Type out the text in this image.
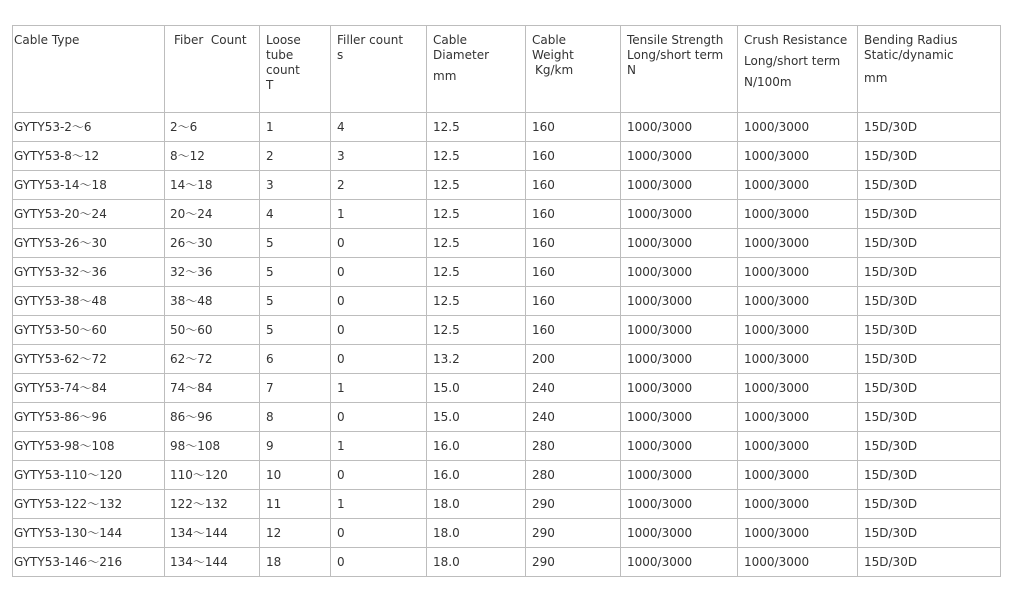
Cable Type	Fiber  Count	Loose
tube
count
T	Filler count
s	Cable
Diameter
mm	Cable
Weight
Kg/km	Tensile Strength
Long/short term
N	Crush Resistance
Long/short term
N/100m	Bending Radius
Static/dynamic
mm

GYTY53-2～6	2～6	1	4	12.5	160	1000/3000	1000/3000	15D/30D
GYTY53-8～12	8～12	2	3	12.5	160	1000/3000	1000/3000	15D/30D
GYTY53-14～18	14～18	3	2	12.5	160	1000/3000	1000/3000	15D/30D
GYTY53-20～24	20～24	4	1	12.5	160	1000/3000	1000/3000	15D/30D
GYTY53-26～30	26～30	5	0	12.5	160	1000/3000	1000/3000	15D/30D
GYTY53-32～36	32～36	5	0	12.5	160	1000/3000	1000/3000	15D/30D
GYTY53-38～48	38～48	5	0	12.5	160	1000/3000	1000/3000	15D/30D
GYTY53-50～60	50～60	5	0	12.5	160	1000/3000	1000/3000	15D/30D
GYTY53-62～72	62～72	6	0	13.2	200	1000/3000	1000/3000	15D/30D
GYTY53-74～84	74～84	7	1	15.0	240	1000/3000	1000/3000	15D/30D
GYTY53-86～96	86～96	8	0	15.0	240	1000/3000	1000/3000	15D/30D
GYTY53-98～108	98～108	9	1	16.0	280	1000/3000	1000/3000	15D/30D
GYTY53-110～120	110～120	10	0	16.0	280	1000/3000	1000/3000	15D/30D
GYTY53-122～132	122～132	11	1	18.0	290	1000/3000	1000/3000	15D/30D
GYTY53-130～144	134～144	12	0	18.0	290	1000/3000	1000/3000	15D/30D
GYTY53-146～216	134～144	18	0	18.0	290	1000/3000	1000/3000	15D/30D
